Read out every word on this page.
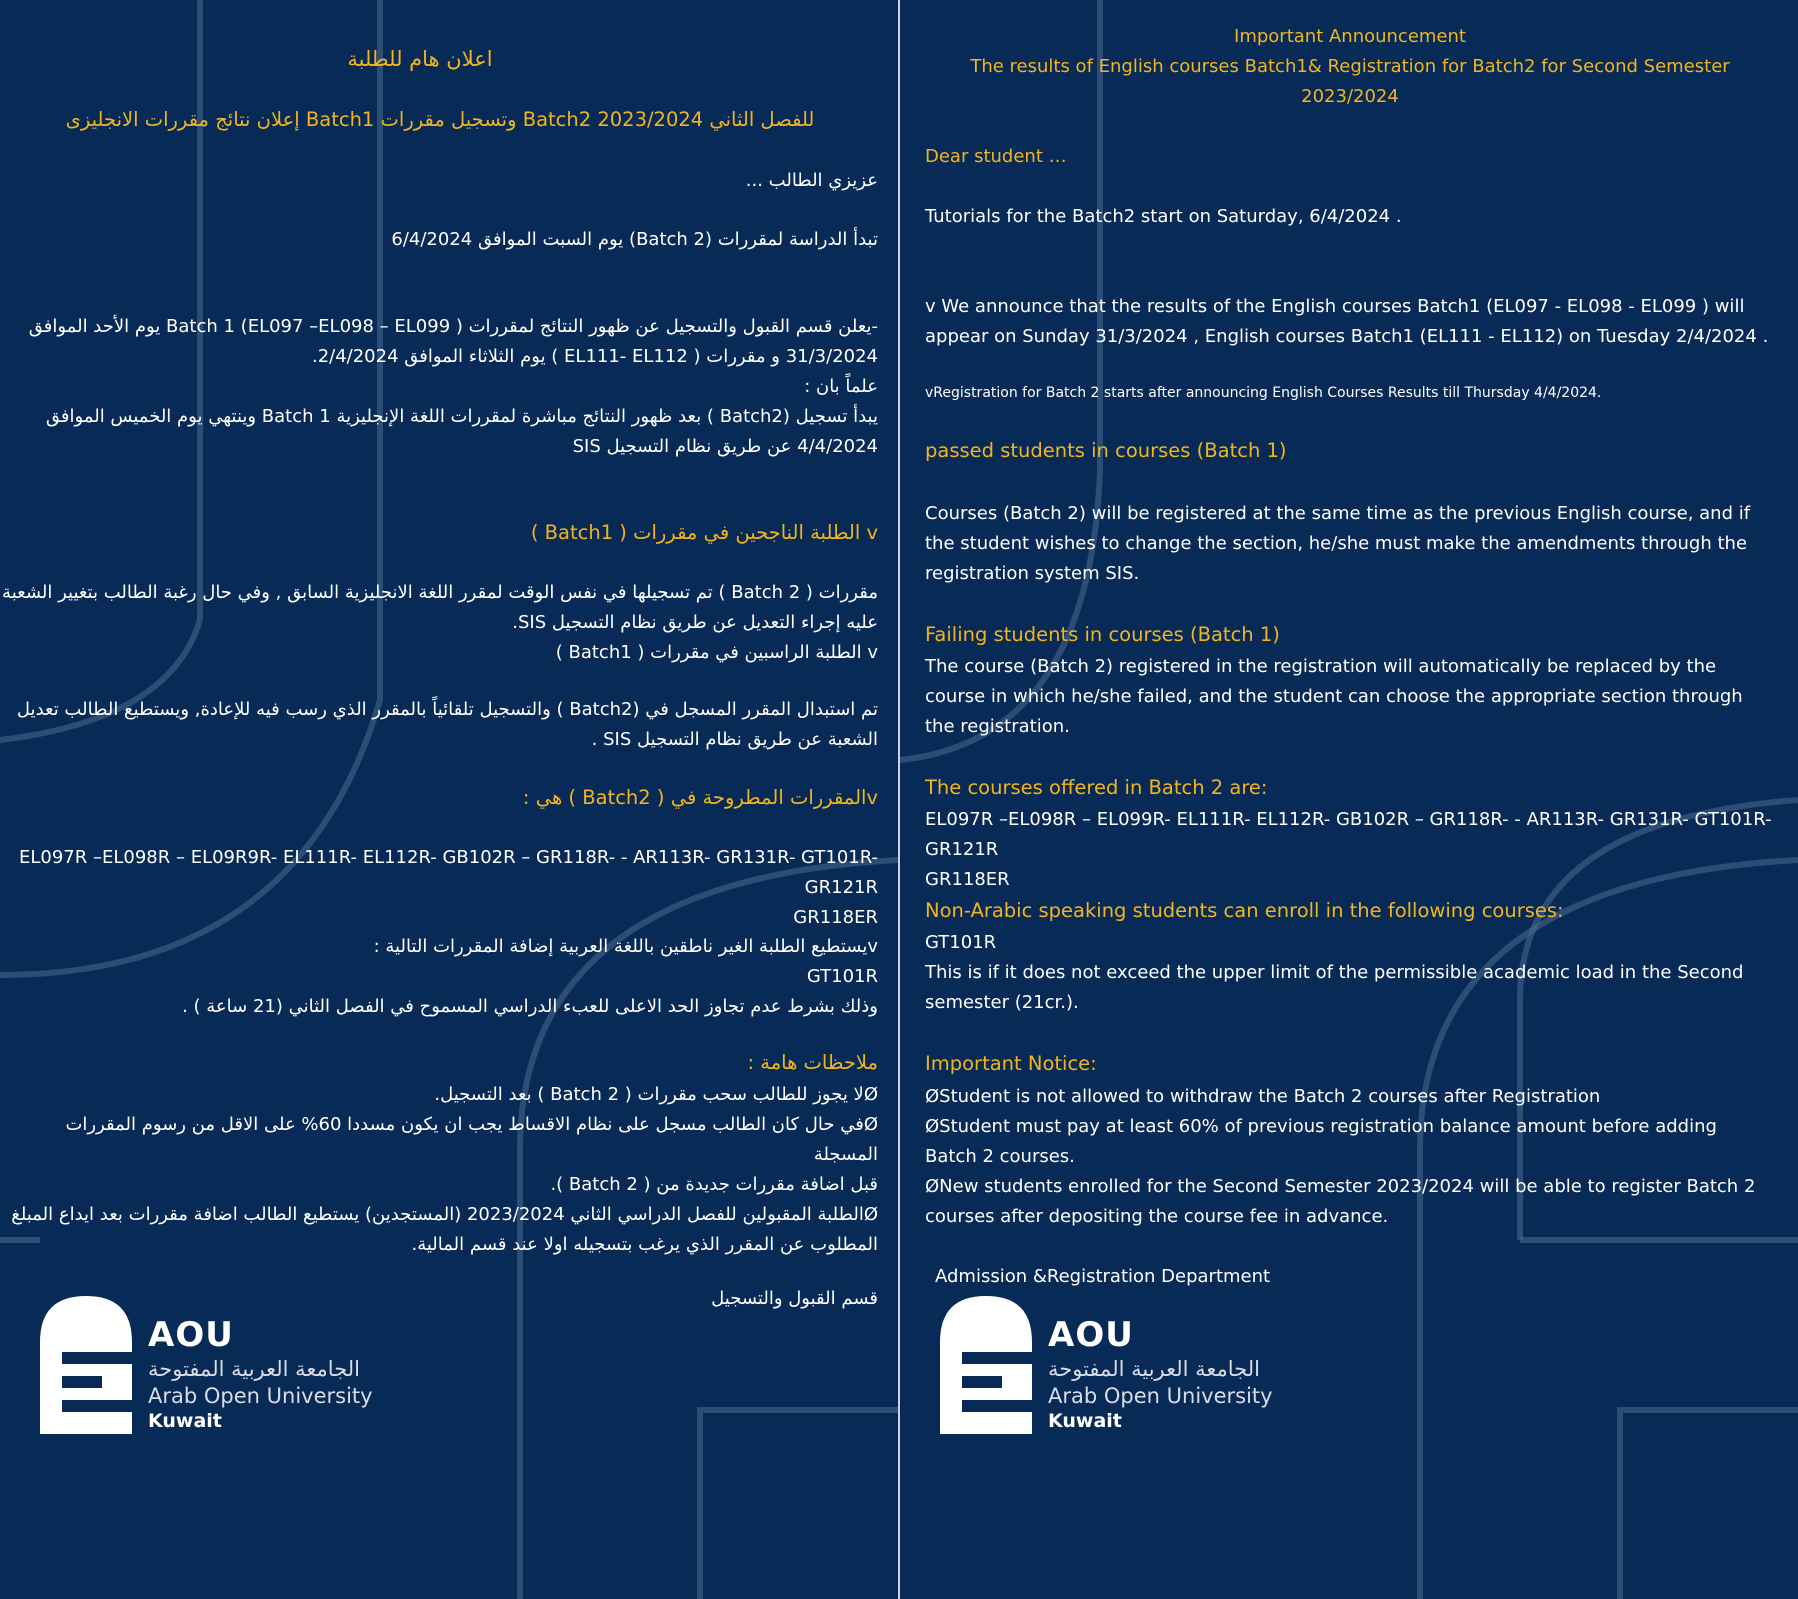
اعلان هام للطلبة

للفصل الثاني Batch2 2023/2024 وتسجيل مقررات Batch1 إعلان نتائج مقررات الانجليزى

عزيزي الطالب ...

تبدأ الدراسة لمقررات (Batch 2) يوم السبت الموافق 6/4/2024

-يعلن قسم القبول والتسجيل عن ظهور النتائج لمقررات Batch 1 (EL097 –EL098 – EL099 ) يوم الأحد الموافق
31/3/2024 و مقررات ( EL111- EL112 ) يوم الثلاثاء الموافق 2/4/2024.
علماً بان :
يبدأ تسجيل (Batch2 ) بعد ظهور النتائج مباشرة لمقررات اللغة الإنجليزية Batch 1 وينتهي يوم الخميس الموافق
4/4/2024 عن طريق نظام التسجيل SIS

v الطلبة الناجحين في مقررات ( Batch1 )

مقررات ( Batch 2 ) تم تسجيلها في نفس الوقت لمقرر اللغة الانجليزية السابق , وفي حال رغبة الطالب بتغيير الشعبة
عليه إجراء التعديل عن طريق نظام التسجيل SIS.
v الطلبة الراسبين في مقررات ( Batch1 )
تم استبدال المقرر المسجل في (Batch2 ) والتسجيل تلقائياً بالمقرر الذي رسب فيه للإعادة, ويستطيع الطالب تعديل
الشعبة عن طريق نظام التسجيل SIS .

vالمقررات المطروحة في ( Batch2 ) هي :

EL097R –EL098R – EL09R9R- EL111R- EL112R- GB102R – GR118R- - AR113R- GR131R- GT101R- GR121R
GR118ER
vيستطيع الطلبة الغير ناطقين باللغة العربية إضافة المقررات التالية :
GT101R
وذلك بشرط عدم تجاوز الحد الاعلى للعبء الدراسي المسموح في الفصل الثاني (21 ساعة ) .

ملاحظات هامة :

Øلا يجوز للطالب سحب مقررات ( Batch 2 ) بعد التسجيل.
Øفي حال كان الطالب مسجل على نظام الاقساط يجب ان يكون مسددا 60% على الاقل من رسوم المقررات المسجلة
قبل اضافة مقررات جديدة من ( Batch 2 ).
Øالطلبة المقبولين للفصل الدراسي الثاني 2023/2024 (المستجدين) يستطيع الطالب اضافة مقررات بعد ايداع المبلغ
المطلوب عن المقرر الذي يرغب بتسجيله اولا عند قسم المالية.

قسم القبول والتسجيل

AOU
الجامعة العربية المفتوحة
Arab Open University
Kuwait
Important Announcement
The results of English courses Batch1& Registration for Batch2 for Second Semester
2023/2024

Dear student …

Tutorials for the Batch2 start on Saturday, 6/4/2024 .

v We announce that the results of the English courses Batch1 (EL097 - EL098 - EL099 ) will
appear on Sunday 31/3/2024 , English courses Batch1 (EL111 - EL112) on Tuesday 2/4/2024 .

vRegistration for Batch 2 starts after announcing English Courses Results till Thursday 4/4/2024.

passed students in courses (Batch 1)

Courses (Batch 2) will be registered at the same time as the previous English course, and if
the student wishes to change the section, he/she must make the amendments through the
registration system SIS.

Failing students in courses (Batch 1)

The course (Batch 2) registered in the registration will automatically be replaced by the
course in which he/she failed, and the student can choose the appropriate section through
the registration.

The courses offered in Batch 2 are:

EL097R –EL098R – EL099R- EL111R- EL112R- GB102R – GR118R- - AR113R- GR131R- GT101R- GR121R
GR118ER

Non-Arabic speaking students can enroll in the following courses:

GT101R
This is if it does not exceed the upper limit of the permissible academic load in the Second
semester (21cr.).

Important Notice:

ØStudent is not allowed to withdraw the Batch 2 courses after Registration
ØStudent must pay at least 60% of previous registration balance amount before adding
Batch 2 courses.
ØNew students enrolled for the Second Semester 2023/2024 will be able to register Batch 2
courses after depositing the course fee in advance.

Admission &Registration Department

AOU
الجامعة العربية المفتوحة
Arab Open University
Kuwait
